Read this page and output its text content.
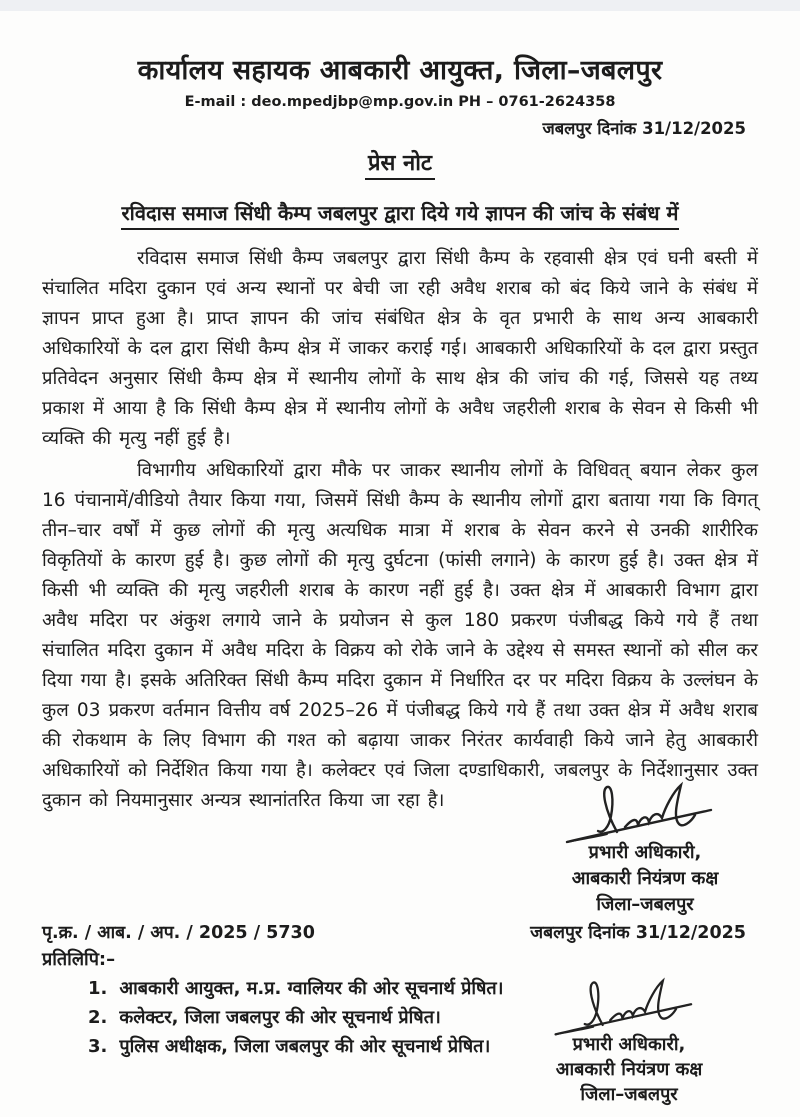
कार्यालय सहायक आबकारी आयुक्त, जिला–जबलपुर
E-mail : deo.mpedjbp@mp.gov.in PH – 0761-2624358
जबलपुर दिनांक 31/12/2025
प्रेस नोट
रविदास समाज सिंधी कैम्प जबलपुर द्वारा दिये गये ज्ञापन की जांच के संबंध में

रविदास समाज सिंधी कैम्प जबलपुर द्वारा सिंधी कैम्प के रहवासी क्षेत्र एवं घनी बस्ती में संचालित मदिरा दुकान एवं अन्य स्थानों पर बेची जा रही अवैध शराब को बंद किये जाने के संबंध में ज्ञापन प्राप्त हुआ है। प्राप्त ज्ञापन की जांच संबंधित क्षेत्र के वृत प्रभारी के साथ अन्य आबकारी अधिकारियों के दल द्वारा सिंधी कैम्प क्षेत्र में जाकर कराई गई। आबकारी अधिकारियों के दल द्वारा प्रस्तुत प्रतिवेदन अनुसार सिंधी कैम्प क्षेत्र में स्थानीय लोगों के साथ क्षेत्र की जांच की गई, जिससे यह तथ्य प्रकाश में आया है कि सिंधी कैम्प क्षेत्र में स्थानीय लोगों के अवैध जहरीली शराब के सेवन से किसी भी व्यक्ति की मृत्यु नहीं हुई है।

विभागीय अधिकारियों द्वारा मौके पर जाकर स्थानीय लोगों के विधिवत् बयान लेकर कुल 16 पंचानामें/वीडियो तैयार किया गया, जिसमें सिंधी कैम्प के स्थानीय लोगों द्वारा बताया गया कि विगत् तीन–चार वर्षों में कुछ लोगों की मृत्यु अत्यधिक मात्रा में शराब के सेवन करने से उनकी शारीरिक विकृतियों के कारण हुई है। कुछ लोगों की मृत्यु दुर्घटना (फांसी लगाने) के कारण हुई है। उक्त क्षेत्र में किसी भी व्यक्ति की मृत्यु जहरीली शराब के कारण नहीं हुई है। उक्त क्षेत्र में आबकारी विभाग द्वारा अवैध मदिरा पर अंकुश लगाये जाने के प्रयोजन से कुल 180 प्रकरण पंजीबद्ध किये गये हैं तथा संचालित मदिरा दुकान में अवैध मदिरा के विक्रय को रोके जाने के उद्देश्य से समस्त स्थानों को सील कर दिया गया है। इसके अतिरिक्त सिंधी कैम्प मदिरा दुकान में निर्धारित दर पर मदिरा विक्रय के उल्लंघन के कुल 03 प्रकरण वर्तमान वित्तीय वर्ष 2025–26 में पंजीबद्ध किये गये हैं तथा उक्त क्षेत्र में अवैध शराब की रोकथाम के लिए विभाग की गश्त को बढ़ाया जाकर निरंतर कार्यवाही किये जाने हेतु आबकारी अधिकारियों को निर्देशित किया गया है। कलेक्टर एवं जिला दण्डाधिकारी, जबलपुर के निर्देशानुसार उक्त दुकान को नियमानुसार अन्यत्र स्थानांतरित किया जा रहा है।

प्रभारी अधिकारी,
आबकारी नियंत्रण कक्ष
जिला–जबलपुर
पृ.क्र. / आब. / अप. / 2025 / 5730	जबलपुर दिनांक 31/12/2025
प्रतिलिपि:–
1. आबकारी आयुक्त, म.प्र. ग्वालियर की ओर सूचनार्थ प्रेषित।
2. कलेक्टर, जिला जबलपुर की ओर सूचनार्थ प्रेषित।
3. पुलिस अधीक्षक, जिला जबलपुर की ओर सूचनार्थ प्रेषित।	प्रभारी अधिकारी,
आबकारी नियंत्रण कक्ष
जिला–जबलपुर
